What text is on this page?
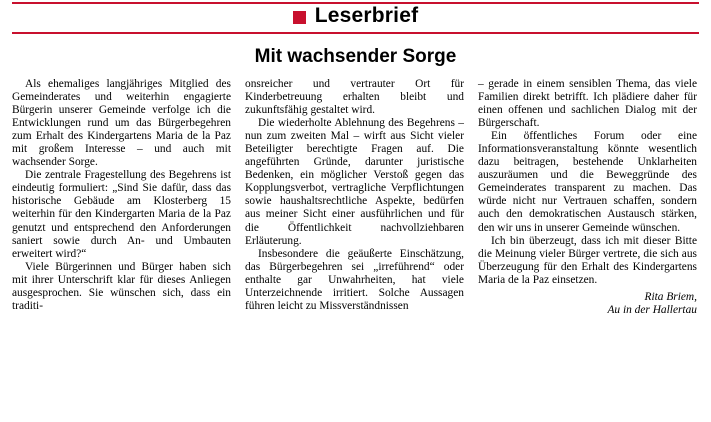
Leserbrief
Mit wachsender Sorge

Als ehemaliges langjähriges Mitglied des Gemeinderates und weiterhin engagierte Bürgerin unserer Gemeinde verfolge ich die Entwicklungen rund um das Bürgerbegehren zum Erhalt des Kindergartens Maria de la Paz mit großem Interesse – und auch mit wachsender Sorge.

Die zentrale Fragestellung des Begehrens ist eindeutig formuliert: „Sind Sie dafür, dass das historische Gebäude am Klosterberg 15 weiterhin für den Kindergarten Maria de la Paz genutzt und entsprechend den Anforderungen saniert sowie durch An- und Umbauten erweitert wird?“

Viele Bürgerinnen und Bürger haben sich mit ihrer Unterschrift klar für dieses Anliegen ausgesprochen. Sie wünschen sich, dass ein traditi-

onsreicher und vertrauter Ort für Kinderbetreuung erhalten bleibt und zukunftsfähig gestaltet wird.

Die wiederholte Ablehnung des Begehrens – nun zum zweiten Mal – wirft aus Sicht vieler Beteiligter berechtigte Fragen auf. Die angeführten Gründe, darunter juristische Bedenken, ein möglicher Verstoß gegen das Kopplungsverbot, vertragliche Verpflichtungen sowie haushaltsrechtliche Aspekte, bedürfen aus meiner Sicht einer ausführlichen und für die Öffentlichkeit nachvollziehbaren Erläuterung.

Insbesondere die geäußerte Einschätzung, das Bürgerbegehren sei „irreführend“ oder enthalte gar Unwahrheiten, hat viele Unterzeichnende irritiert. Solche Aussagen führen leicht zu Missverständnissen

– gerade in einem sensiblen Thema, das viele Familien direkt betrifft. Ich plädiere daher für einen offenen und sachlichen Dialog mit der Bürgerschaft.

Ein öffentliches Forum oder eine Informationsveranstaltung könnte wesentlich dazu beitragen, bestehende Unklarheiten auszuräumen und die Beweggründe des Gemeinderates transparent zu machen. Das würde nicht nur Vertrauen schaffen, sondern auch den demokratischen Austausch stärken, den wir uns in unserer Gemeinde wünschen.

Ich bin überzeugt, dass ich mit dieser Bitte die Meinung vieler Bürger vertrete, die sich aus Überzeugung für den Erhalt des Kindergartens Maria de la Paz einsetzen.

Rita Briem,
Au in der Hallertau
